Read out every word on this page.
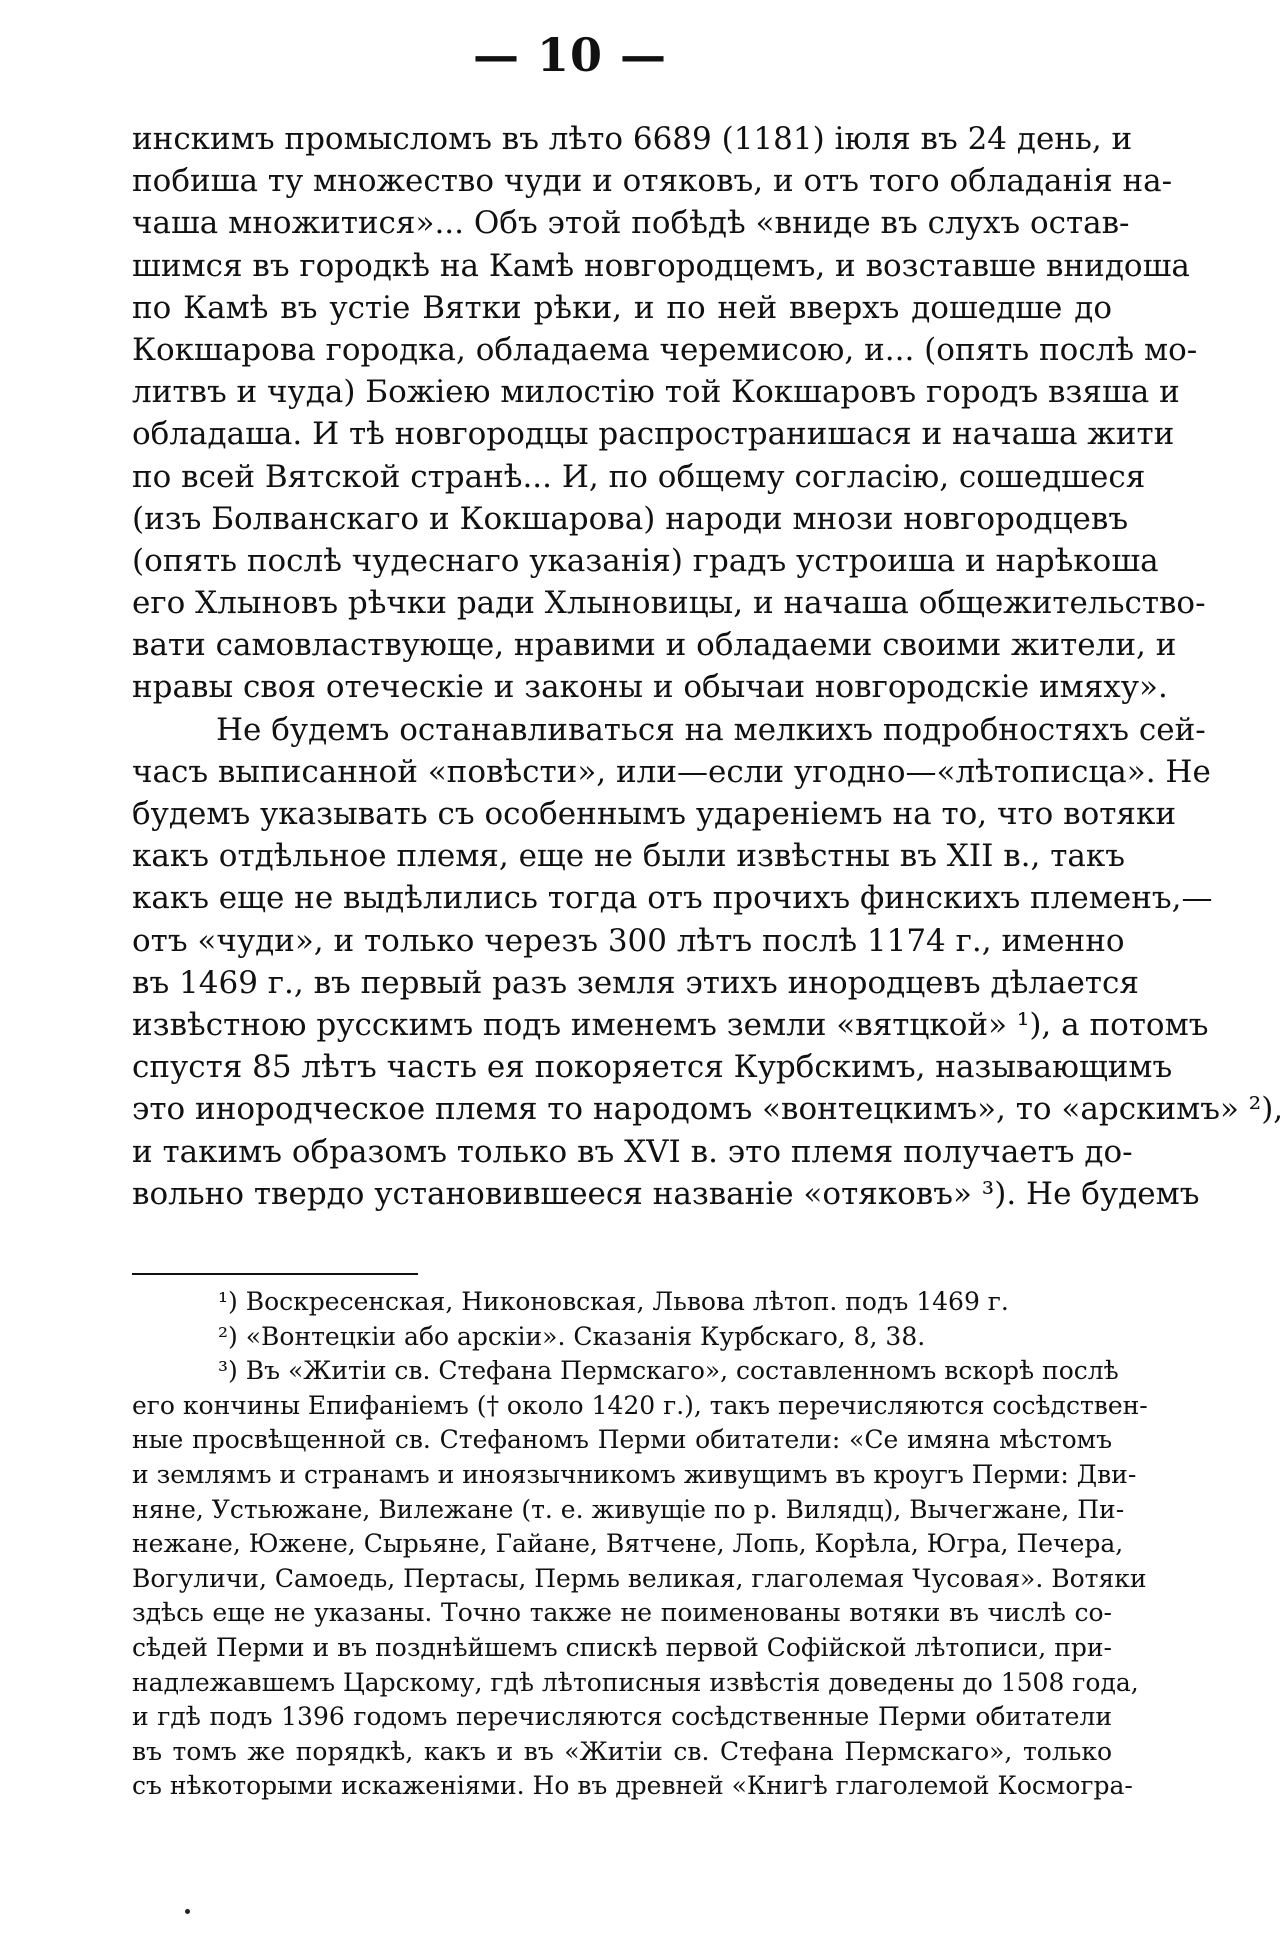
— 10 —
инскимъ промысломъ въ лѣто 6689 (1181) іюля въ 24 день, и
побиша ту множество чуди и отяковъ, и отъ того обладанія на-
чаша множитися»... Объ этой побѣдѣ «вниде въ слухъ остав-
шимся въ городкѣ на Камѣ новгородцемъ, и возставше внидоша
по Камѣ въ устіе Вятки рѣки, и по ней вверхъ дошедше до
Кокшарова городка, обладаема черемисою, и... (опять послѣ мо-
литвъ и чуда) Божіею милостію той Кокшаровъ городъ взяша и
обладаша. И тѣ новгородцы распространишася и начаша жити
по всей Вятской странѣ... И, по общему согласію, сошедшеся
(изъ Болванскаго и Кокшарова) народи мнози новгородцевъ
(опять послѣ чудеснаго указанія) градъ устроиша и нарѣкоша
его Хлыновъ рѣчки ради Хлыновицы, и начаша общежительство-
вати самовластвующе, нравими и обладаеми своими жители, и
нравы своя отеческіе и законы и обычаи новгородскіе имяху».
Не будемъ останавливаться на мелкихъ подробностяхъ сей-
часъ выписанной «повѣсти», или—если угодно—«лѣтописца». Не
будемъ указывать съ особеннымъ удареніемъ на то, что вотяки
какъ отдѣльное племя, еще не были извѣстны въ XII в., такъ
какъ еще не выдѣлились тогда отъ прочихъ финскихъ племенъ,—
отъ «чуди», и только черезъ 300 лѣтъ послѣ 1174 г., именно
въ 1469 г., въ первый разъ земля этихъ инородцевъ дѣлается
извѣстною русскимъ подъ именемъ земли «вятцкой» ¹), а потомъ
спустя 85 лѣтъ часть ея покоряется Курбскимъ, называющимъ
это инородческое племя то народомъ «вонтецкимъ», то «арскимъ» ²),
и такимъ образомъ только въ XVI в. это племя получаетъ до-
вольно твердо установившееся названіе «отяковъ» ³). Не будемъ
¹) Воскресенская, Никоновская, Львова лѣтоп. подъ 1469 г.
²) «Вонтецкіи або арскіи». Сказанія Курбскаго, 8, 38.
³) Въ «Житіи св. Стефана Пермскаго», составленномъ вскорѣ послѣ
его кончины Епифаніемъ († около 1420 г.), такъ перечисляются сосѣдствен-
ные просвѣщенной св. Стефаномъ Перми обитатели: «Се имяна мѣстомъ
и землямъ и странамъ и иноязычникомъ живущимъ въ кроугъ Перми: Дви-
няне, Устьюжане, Вилежане (т. е. живущіе по р. Вилядц), Вычегжане, Пи-
нежане, Южене, Сырьяне, Гайане, Вятчене, Лопь, Корѣла, Югра, Печера,
Вогуличи, Самоедь, Пертасы, Пермь великая, глаголемая Чусовая». Вотяки
здѣсь еще не указаны. Точно также не поименованы вотяки въ числѣ со-
сѣдей Перми и въ позднѣйшемъ спискѣ первой Софійской лѣтописи, при-
надлежавшемъ Царскому, гдѣ лѣтописныя извѣстія доведены до 1508 года,
и гдѣ подъ 1396 годомъ перечисляются сосѣдственные Перми обитатели
въ томъ же порядкѣ, какъ и въ «Житіи св. Стефана Пермскаго», только
съ нѣкоторыми искаженіями. Но въ древней «Книгѣ глаголемой Космогра-
